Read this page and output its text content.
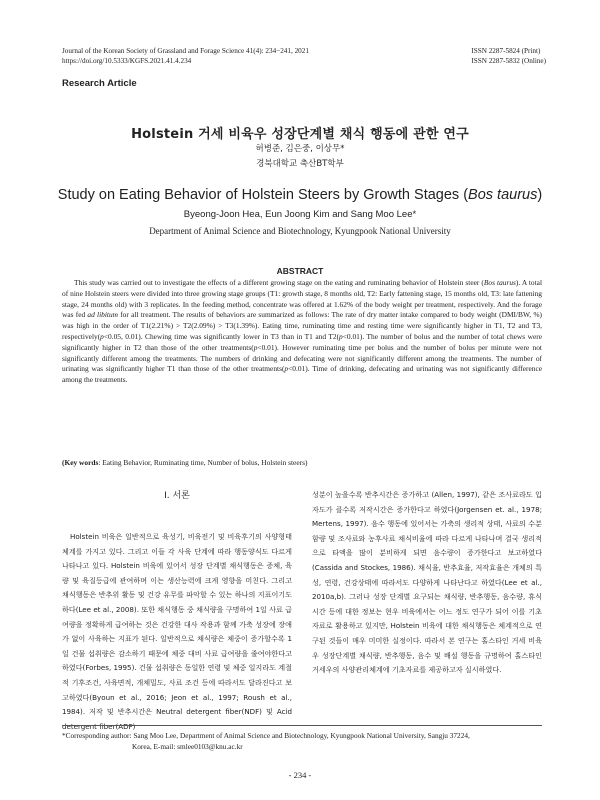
Journal of the Korean Society of Grassland and Forage Science 41(4): 234−241, 2021
https://doi.org/10.5333/KGFS.2021.41.4.234
ISSN 2287-5824 (Print)
ISSN 2287-5832 (Online)
Research Article
Holstein 거세 비육우 성장단계별 채식 행동에 관한 연구
허병준, 김은중, 이상무*
경북대학교 축산BT학부
Study on Eating Behavior of Holstein Steers by Growth Stages (Bos taurus)
Byeong-Joon Hea, Eun Joong Kim and Sang Moo Lee*
Department of Animal Science and Biotechnology, Kyungpook National University
ABSTRACT

This study was carried out to investigate the effects of a different growing stage on the eating and ruminating behavior of Holstein steer (Bos taurus). A total of nine Holstein steers were divided into three growing stage groups (T1: growth stage, 8 months old, T2: Early fattening stage, 15 months old, T3: late fattening stage, 24 months old) with 3 replicates. In the feeding method, concentrate was offered at 1.62% of the body weight per treatment, respectively. And the forage was fed ad libitum for all treatment. The results of behaviors are summarized as follows: The rate of dry matter intake compared to body weight (DMI/BW, %) was high in the order of T1(2.21%) > T2(2.09%) > T3(1.39%). Eating time, ruminating time and resting time were significantly higher in T1, T2 and T3, respectively(p<0.05, 0.01). Chewing time was significantly lower in T3 than in T1 and T2(p<0.01). The number of bolus and the number of total chews were significantly higher in T2 than those of the other treatments(p<0.01). However ruminating time per bolus and the number of bolus per minute were not significantly different among the treatments. The numbers of drinking and defecating were not significantly different among the treatments. The number of urinating was significantly higher T1 than those of the other treatments(p<0.01). Time of drinking, defecating and urinating was not significantly difference among the treatments.

(Key words: Eating Behavior, Ruminating time, Number of bolus, Holstein steers)

Ⅰ. 서론

Holstein 비육은 일반적으로 육성기, 비육전기 및 비육후기의 사양형태 체계를 가지고 있다. 그리고 이들 각 사육 단계에 따라 행동양식도 다르게 나타나고 있다. Holstein 비육에 있어서 성장 단계별 채식행동은 증체, 육량 및 육질등급에 관여하며 이는 생산능력에 크게 영향을 미친다. 그리고 채식행동은 반추위 활동 및 건강 유무를 파악할 수 있는 하나의 지표이기도 하다(Lee et al., 2008). 또한 채식행동 중 채식량을 구명하여 1일 사료 급여량을 정확하게 급여하는 것은 건강한 대사 작용과 함께 가축 성장에 장애가 없이 사육하는 지표가 된다. 일반적으로 채식량은 체중이 증가할수록 1일 건물 섭취량은 감소하기 때문에 체중 대비 사료 급여량을 줄여야한다고 하였다(Forbes, 1995). 건물 섭취량은 동일한 연령 및 체중 일지라도 계절적 기후조건, 사육면적, 개체밀도, 사료 조건 등에 따라서도 달라진다고 보고하였다(Byoun et al., 2016; Jeon et al., 1997; Roush et al., 1984). 저작 및 반추시간은 Neutral detergent fiber(NDF) 및 Acid detergent fiber(ADF)

성분이 높을수록 반추시간은 증가하고 (Allen, 1997), 같은 조사료라도 입자도가 클수록 저작시간은 증가한다고 하였다(Jorgensen et. al., 1978; Mertens, 1997). 음수 행동에 있어서는 가축의 생리적 상태, 사료의 수분함량 및 조사료와 농후사료 채식비율에 따라 다르게 나타나며 결국 생리적으로 타액을 많이 분비하게 되면 음수량이 증가한다고 보고하였다(Cassida and Stockes, 1986). 채식율, 반추효율, 저작효율은 개체의 특성, 연령, 건강상태에 따라서도 다양하게 나타난다고 하였다(Lee et al., 2010a,b). 그러나 성장 단계별 요구되는 채식량, 반추행동, 음수량, 휴식시간 등에 대한 정보는 현우 비육에서는 어느 정도 연구가 되어 이를 기초자료로 활용하고 있지만, Holstein 비육에 대한 채식행동은 체계적으로 연구된 것들이 매우 미미한 실정이다. 따라서 본 연구는 홀스타인 거세 비육우 성장단계별 채식량, 반추행동, 음수 및 배설 행동을 규명하여 홀스타인 거세우의 사양관리체계에 기초자료를 제공하고자 실시하였다.

*Corresponding author: Sang Moo Lee, Department of Animal Science and Biotechnology, Kyungpook National University, Sangju 37224,
Korea, E-mail: smlee0103@knu.ac.kr
- 234 -
